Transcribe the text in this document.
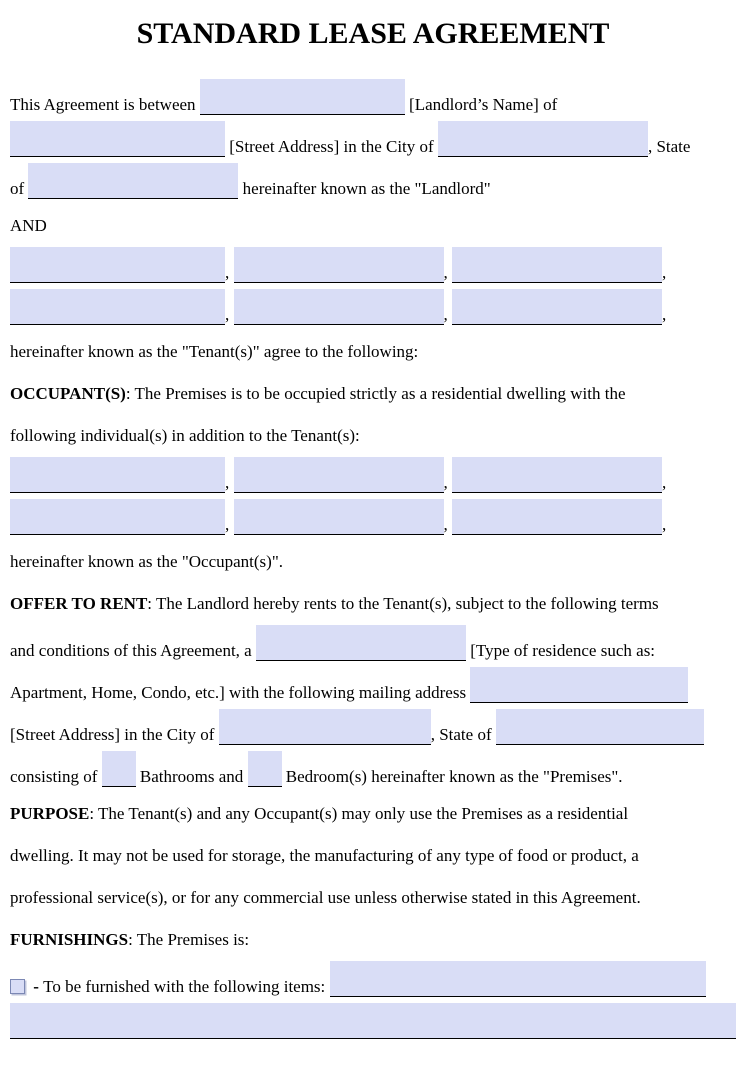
STANDARD LEASE AGREEMENT
This Agreement is between	[Landlord’s Name] of
[Street Address] in the City of	, State
of	hereinafter known as the "Landlord"
AND
,	,	,
,	,	,
hereinafter known as the "Tenant(s)" agree to the following:
OCCUPANT(S): The Premises is to be occupied strictly as a residential dwelling with the
following individual(s) in addition to the Tenant(s):
,	,	,
,	,	,
hereinafter known as the "Occupant(s)".
OFFER TO RENT: The Landlord hereby rents to the Tenant(s), subject to the following terms
and conditions of this Agreement, a	[Type of residence such as:
Apartment, Home, Condo, etc.] with the following mailing address
[Street Address] in the City of	, State of
consisting of  Bathrooms and  Bedroom(s) hereinafter known as the "Premises".
PURPOSE: The Tenant(s) and any Occupant(s) may only use the Premises as a residential
dwelling. It may not be used for storage, the manufacturing of any type of food or product, a
professional service(s), or for any commercial use unless otherwise stated in this Agreement.
FURNISHINGS: The Premises is:
- To be furnished with the following items:
